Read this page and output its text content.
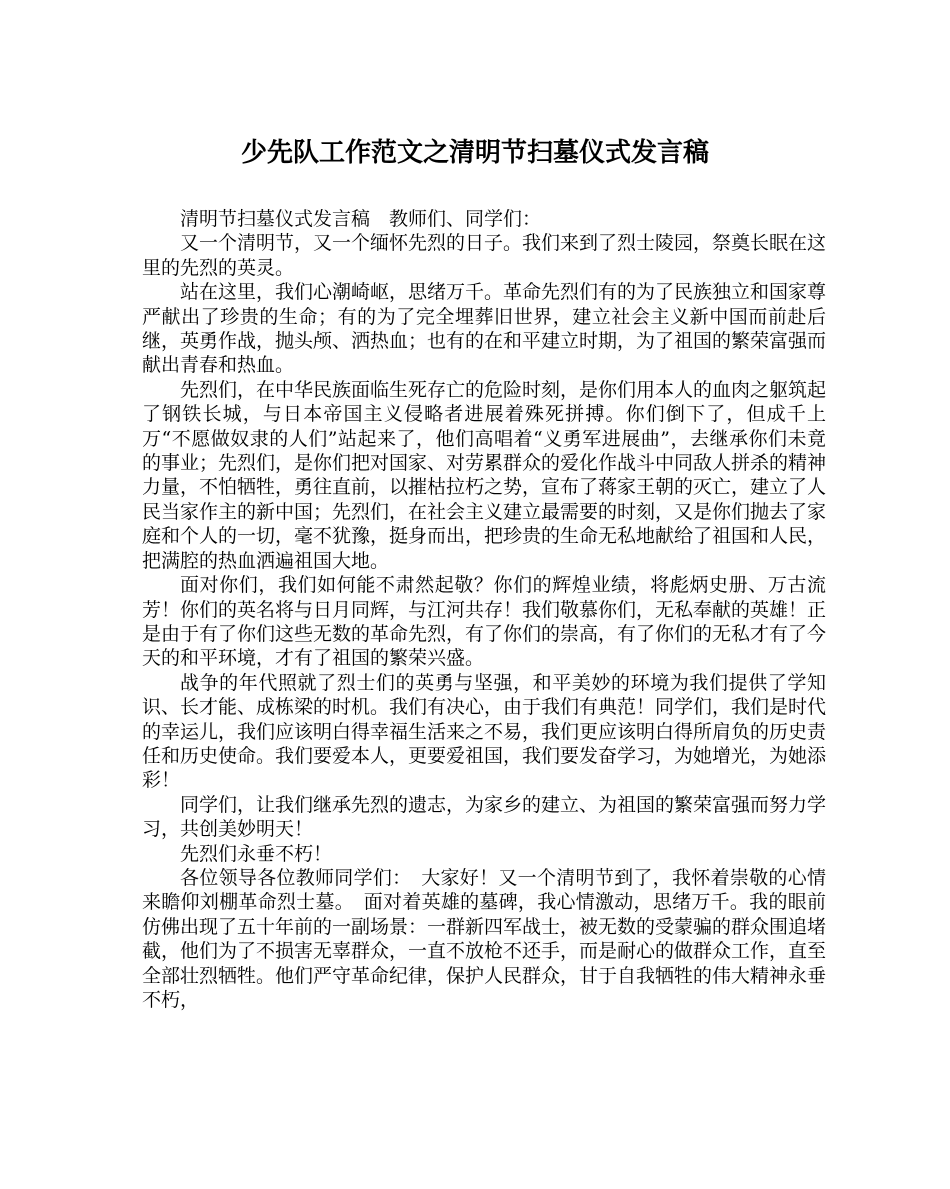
少先队工作范文之清明节扫墓仪式发言稿

清明节扫墓仪式发言稿　教师们、同学们：

又一个清明节，又一个缅怀先烈的日子。我们来到了烈士陵园，祭奠长眠在这里的先烈的英灵。

站在这里，我们心潮崎岖，思绪万千。革命先烈们有的为了民族独立和国家尊严献出了珍贵的生命；有的为了完全埋葬旧世界，建立社会主义新中国而前赴后继，英勇作战，抛头颅、洒热血；也有的在和平建立时期，为了祖国的繁荣富强而献出青春和热血。

先烈们，在中华民族面临生死存亡的危险时刻，是你们用本人的血肉之躯筑起了钢铁长城，与日本帝国主义侵略者进展着殊死拼搏。你们倒下了，但成千上万“不愿做奴隶的人们”站起来了，他们高唱着“义勇军进展曲”，去继承你们未竟的事业；先烈们，是你们把对国家、对劳累群众的爱化作战斗中同敌人拼杀的精神力量，不怕牺牲，勇往直前，以摧枯拉朽之势，宣布了蒋家王朝的灭亡，建立了人民当家作主的新中国；先烈们，在社会主义建立最需要的时刻，又是你们抛去了家庭和个人的一切，毫不犹豫，挺身而出，把珍贵的生命无私地献给了祖国和人民，把满腔的热血洒遍祖国大地。

面对你们，我们如何能不肃然起敬？你们的辉煌业绩，将彪炳史册、万古流芳！你们的英名将与日月同辉，与江河共存！我们敬慕你们，无私奉献的英雄！正是由于有了你们这些无数的革命先烈，有了你们的崇高，有了你们的无私才有了今天的和平环境，才有了祖国的繁荣兴盛。

战争的年代照就了烈士们的英勇与坚强，和平美妙的环境为我们提供了学知识、长才能、成栋梁的时机。我们有决心，由于我们有典范！同学们，我们是时代的幸运儿，我们应该明白得幸福生活来之不易，我们更应该明白得所肩负的历史责任和历史使命。我们要爱本人，更要爱祖国，我们要发奋学习，为她增光，为她添彩！

同学们，让我们继承先烈的遗志，为家乡的建立、为祖国的繁荣富强而努力学习，共创美妙明天！

先烈们永垂不朽！

各位领导各位教师同学们：　大家好！又一个清明节到了，我怀着崇敬的心情来瞻仰刘棚革命烈士墓。　面对着英雄的墓碑，我心情激动，思绪万千。我的眼前仿佛出现了五十年前的一副场景：一群新四军战士，被无数的受蒙骗的群众围追堵截，他们为了不损害无辜群众，一直不放枪不还手，而是耐心的做群众工作，直至全部壮烈牺牲。他们严守革命纪律，保护人民群众，甘于自我牺牲的伟大精神永垂不朽，
